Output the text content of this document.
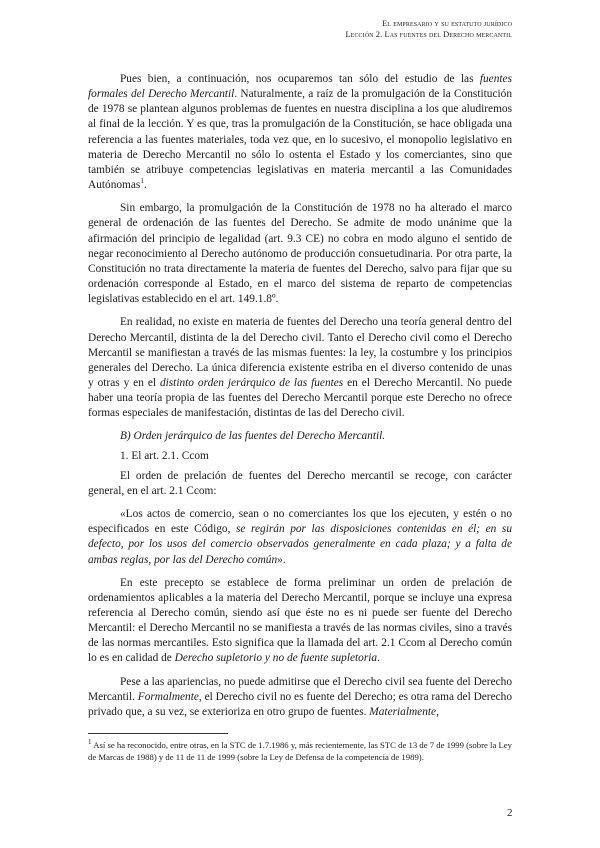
El empresario y su estatuto jurídico
Lección 2. Las fuentes del Derecho mercantil

Pues bien, a continuación, nos ocuparemos tan sólo del estudio de las fuentes formales del Derecho Mercantil. Naturalmente, a raíz de la promulgación de la Constitución de 1978 se plantean algunos problemas de fuentes en nuestra disciplina a los que aludiremos al final de la lección. Y es que, tras la promulgación de la Constitución, se hace obligada una referencia a las fuentes materiales, toda vez que, en lo sucesivo, el monopolio legislativo en materia de Derecho Mercantil no sólo lo ostenta el Estado y los comerciantes, sino que también se atribuye competencias legislativas en materia mercantil a las Comunidades Autónomas$^1$.

Sin embargo, la promulgación de la Constitución de 1978 no ha alterado el marco general de ordenación de las fuentes del Derecho. Se admite de modo unánime que la afirmación del principio de legalidad (art. 9.3 CE) no cobra en modo alguno el sentido de negar reconocimiento al Derecho autónomo de producción consuetudinaria. Por otra parte, la Constitución no trata directamente la materia de fuentes del Derecho, salvo para fijar que su ordenación corresponde al Estado, en el marco del sistema de reparto de competencias legislativas establecido en el art. 149.1.8º.

En realidad, no existe en materia de fuentes del Derecho una teoría general dentro del Derecho Mercantil, distinta de la del Derecho civil. Tanto el Derecho civil como el Derecho Mercantil se manifiestan a través de las mismas fuentes: la ley, la costumbre y los principios generales del Derecho. La única diferencia existente estriba en el diverso contenido de unas y otras y en el distinto orden jerárquico de las fuentes en el Derecho Mercantil. No puede haber una teoría propia de las fuentes del Derecho Mercantil porque este Derecho no ofrece formas especiales de manifestación, distintas de las del Derecho civil.

B) Orden jerárquico de las fuentes del Derecho Mercantil.

1. El art. 2.1. Ccom

El orden de prelación de fuentes del Derecho mercantil se recoge, con carácter general, en el art. 2.1 Ccom:

«Los actos de comercio, sean o no comerciantes los que los ejecuten, y estén o no especificados en este Código, se regirán por las disposiciones contenidas en él; en su defecto, por los usos del comercio observados generalmente en cada plaza; y a falta de ambas reglas, por las del Derecho común».

En este precepto se establece de forma preliminar un orden de prelación de ordenamientos aplicables a la materia del Derecho Mercantil, porque se incluye una expresa referencia al Derecho común, siendo así que éste no es ni puede ser fuente del Derecho Mercantil: el Derecho Mercantil no se manifiesta a través de las normas civiles, sino a través de las normas mercantiles. Esto significa que la llamada del art. 2.1 Ccom al Derecho común lo es en calidad de Derecho supletorio y no de fuente supletoria.

Pese a las apariencias, no puede admitirse que el Derecho civil sea fuente del Derecho Mercantil. Formalmente, el Derecho civil no es fuente del Derecho; es otra rama del Derecho privado que, a su vez, se exterioriza en otro grupo de fuentes. Materialmente,

$^1$ Así se ha reconocido, entre otras, en la STC de 1.7.1986 y, más recientemente, las STC de 13 de 7 de 1999 (sobre la Ley de Marcas de 1988) y de 11 de 11 de 1999 (sobre la Ley de Defensa de la competencia de 1989).
2
